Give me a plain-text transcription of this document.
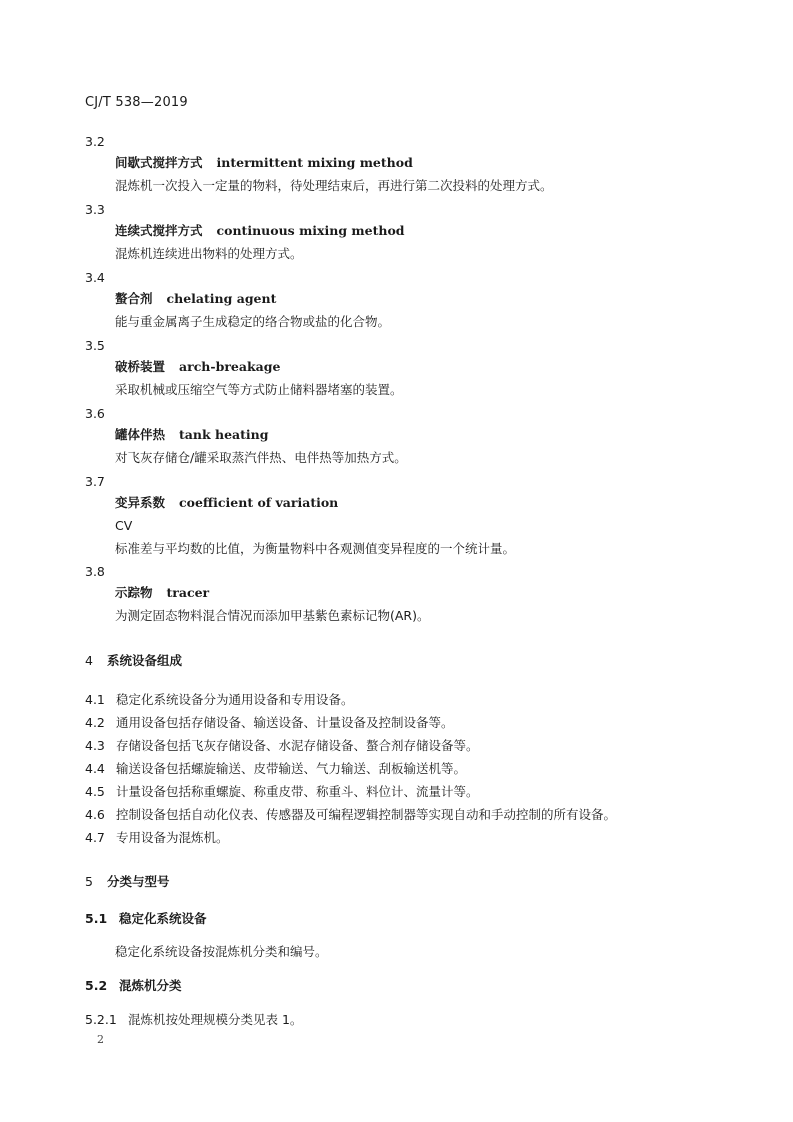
CJ/T 538—2019
3.2
间歇式搅拌方式 intermittent mixing method
混炼机一次投入一定量的物料，待处理结束后，再进行第二次投料的处理方式。
3.3
连续式搅拌方式 continuous mixing method
混炼机连续进出物料的处理方式。
3.4
螯合剂 chelating agent
能与重金属离子生成稳定的络合物或盐的化合物。
3.5
破桥装置 arch-breakage
采取机械或压缩空气等方式防止储料器堵塞的装置。
3.6
罐体伴热 tank heating
对飞灰存储仓/罐采取蒸汽伴热、电伴热等加热方式。
3.7
变异系数 coefficient of variation
CV
标准差与平均数的比值，为衡量物料中各观测值变异程度的一个统计量。
3.8
示踪物 tracer
为测定固态物料混合情况而添加甲基紫色素标记物(AR)。
4 系统设备组成
4.1 稳定化系统设备分为通用设备和专用设备。
4.2 通用设备包括存储设备、输送设备、计量设备及控制设备等。
4.3 存储设备包括飞灰存储设备、水泥存储设备、螯合剂存储设备等。
4.4 输送设备包括螺旋输送、皮带输送、气力输送、刮板输送机等。
4.5 计量设备包括称重螺旋、称重皮带、称重斗、料位计、流量计等。
4.6 控制设备包括自动化仪表、传感器及可编程逻辑控制器等实现自动和手动控制的所有设备。
4.7 专用设备为混炼机。
5 分类与型号
5.1 稳定化系统设备
稳定化系统设备按混炼机分类和编号。
5.2 混炼机分类
5.2.1 混炼机按处理规模分类见表 1。
2
